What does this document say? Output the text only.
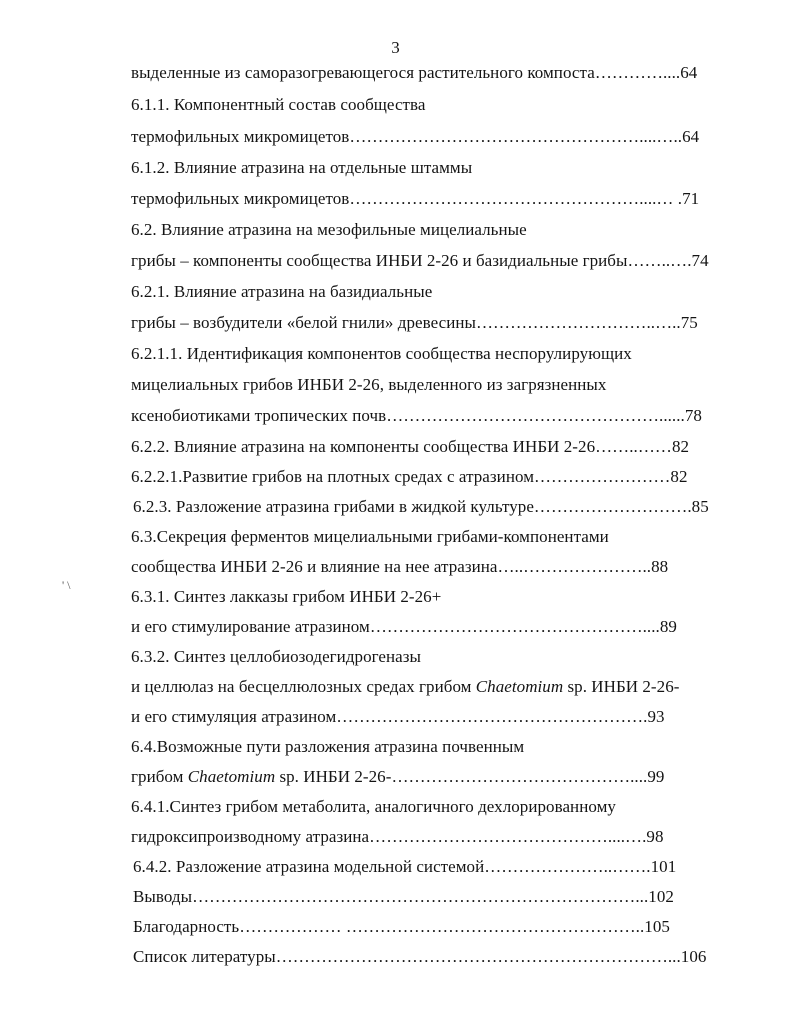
3
' \
выделенные из саморазогревающегося растительного компоста…………....64
6.1.1. Компонентный состав сообщества
термофильных микромицетов……………………………………………....…..64
6.1.2. Влияние атразина на отдельные штаммы
термофильных микромицетов……………………………………………....… .71
6.2. Влияние атразина на мезофильные мицелиальные
грибы – компоненты сообщества ИНБИ 2-26 и базидиальные грибы……..….74
6.2.1. Влияние атразина на базидиальные
грибы – возбудители «белой гнили» древесины…………………………..…..75
6.2.1.1. Идентификация компонентов сообщества неспорулирующих
мицелиальных грибов ИНБИ 2-26, выделенного из загрязненных
ксенобиотиками тропических почв…………………………………………......78
6.2.2. Влияние атразина на компоненты сообщества ИНБИ 2-26……..……82
6.2.2.1.Развитие грибов на плотных средах с атразином……………………82
6.2.3. Разложение атразина грибами в жидкой культуре……………………….85
6.3.Секреция ферментов мицелиальными грибами-компонентами
сообщества ИНБИ 2-26 и влияние на нее атразина…..…………………..88
6.3.1. Синтез лакказы грибом ИНБИ 2-26+
и его стимулирование атразином…………………………………………....89
6.3.2. Синтез целлобиозодегидрогеназы
и целлюлаз на бесцеллюлозных средах грибом Chaetomium sp. ИНБИ 2-26-
и его стимуляция атразином……………………………………………….93
6.4.Возможные пути разложения атразина почвенным
грибом Chaetomium sp. ИНБИ 2-26-……………………………………....99
6.4.1.Синтез грибом метаболита, аналогичного дехлорированному
гидроксипроизводному атразина……………………………………....….98
6.4.2. Разложение атразина модельной системой…………………..…….101
Выводы……………………………………………………………………...102
Благодарность……………… ……………………………………………..105
Список литературы……………………………………………………………...106
